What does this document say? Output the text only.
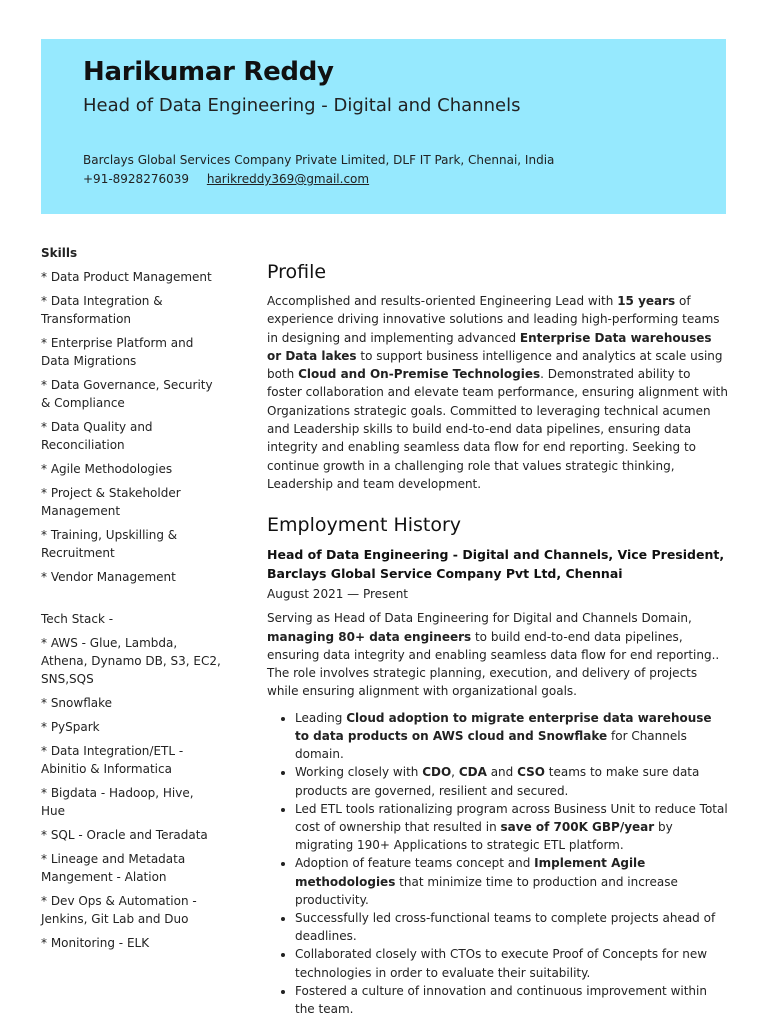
Harikumar Reddy
Head of Data Engineering - Digital and Channels
Barclays Global Services Company Private Limited, DLF IT Park, Chennai, India
+91-8928276039 harikreddy369@gmail.com
Skills
* Data Product Management
* Data Integration & Transformation
* Enterprise Platform and Data Migrations
* Data Governance, Security & Compliance
* Data Quality and Reconciliation
* Agile Methodologies
* Project & Stakeholder Management
* Training, Upskilling & Recruitment
* Vendor Management
Tech Stack -
* AWS - Glue, Lambda, Athena, Dynamo DB, S3, EC2, SNS,SQS
* Snowflake
* PySpark
* Data Integration/ETL - Abinitio & Informatica
* Bigdata - Hadoop, Hive, Hue
* SQL - Oracle and Teradata
* Lineage and Metadata Mangement - Alation
* Dev Ops & Automation - Jenkins, Git Lab and Duo
* Monitoring - ELK
Profile

Accomplished and results-oriented Engineering Lead with 15 years of experience driving innovative solutions and leading high-performing teams in designing and implementing advanced Enterprise Data warehouses or Data lakes to support business intelligence and analytics at scale using both Cloud and On-Premise Technologies. Demonstrated ability to foster collaboration and elevate team performance, ensuring alignment with Organizations strategic goals. Committed to leveraging technical acumen and Leadership skills to build end-to-end data pipelines, ensuring data integrity and enabling seamless data flow for end reporting. Seeking to continue growth in a challenging role that values strategic thinking, Leadership and team development.

Employment History
Head of Data Engineering - Digital and Channels, Vice President,
Barclays Global Service Company Pvt Ltd, Chennai
August 2021 — Present

Serving as Head of Data Engineering for Digital and Channels Domain, managing 80+ data engineers to build end-to-end data pipelines, ensuring data integrity and enabling seamless data flow for end reporting.. The role involves strategic planning, execution, and delivery of projects while ensuring alignment with organizational goals.

• Leading Cloud adoption to migrate enterprise data warehouse to data products on AWS cloud and Snowflake for Channels domain.
• Working closely with CDO, CDA and CSO teams to make sure data products are governed, resilient and secured.
• Led ETL tools rationalizing program across Business Unit to reduce Total cost of ownership that resulted in save of 700K GBP/year by migrating 190+ Applications to strategic ETL platform.
• Adoption of feature teams concept and Implement Agile methodologies that minimize time to production and increase productivity.
• Successfully led cross-functional teams to complete projects ahead of deadlines.
• Collaborated closely with CTOs to execute Proof of Concepts for new technologies in order to evaluate their suitability.
• Fostered a culture of innovation and continuous improvement within the team.
